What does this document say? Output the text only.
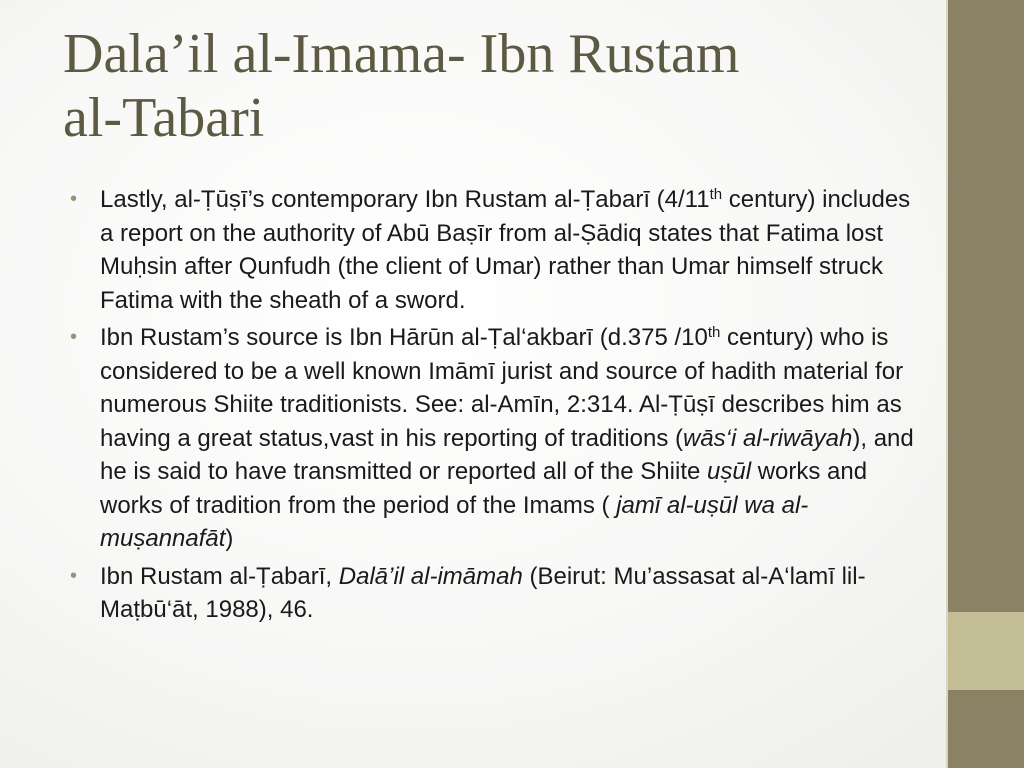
Dala’il al-Imama- Ibn Rustam
al-Tabari
• Lastly, al-Ṭūṣī’s contemporary Ibn Rustam al-Ṭabarī (4/11th century) includes a report on the authority of Abū Baṣīr from al-Ṣādiq states that Fatima lost Muḥsin after Qunfudh (the client of Umar) rather than Umar himself struck Fatima with the sheath of a sword.
• Ibn Rustam’s source is Ibn Hārūn al-Ṭal‘akbarī (d.375 /10th century) who is considered to be a well known Imāmī jurist and source of hadith material for numerous Shiite traditionists. See: al-Amīn, 2:314. Al-Ṭūṣī describes him as having a great status,vast in his reporting of traditions (wās‘i al-riwāyah), and he is said to have transmitted or reported all of the Shiite uṣūl works and works of tradition from the period of the Imams ( jamī al-uṣūl wa al-muṣannafāt)
• Ibn Rustam al-Ṭabarī, Dalā’il al-imāmah (Beirut: Mu’assasat al-A‘lamī lil-Maṭbū‘āt, 1988), 46.
